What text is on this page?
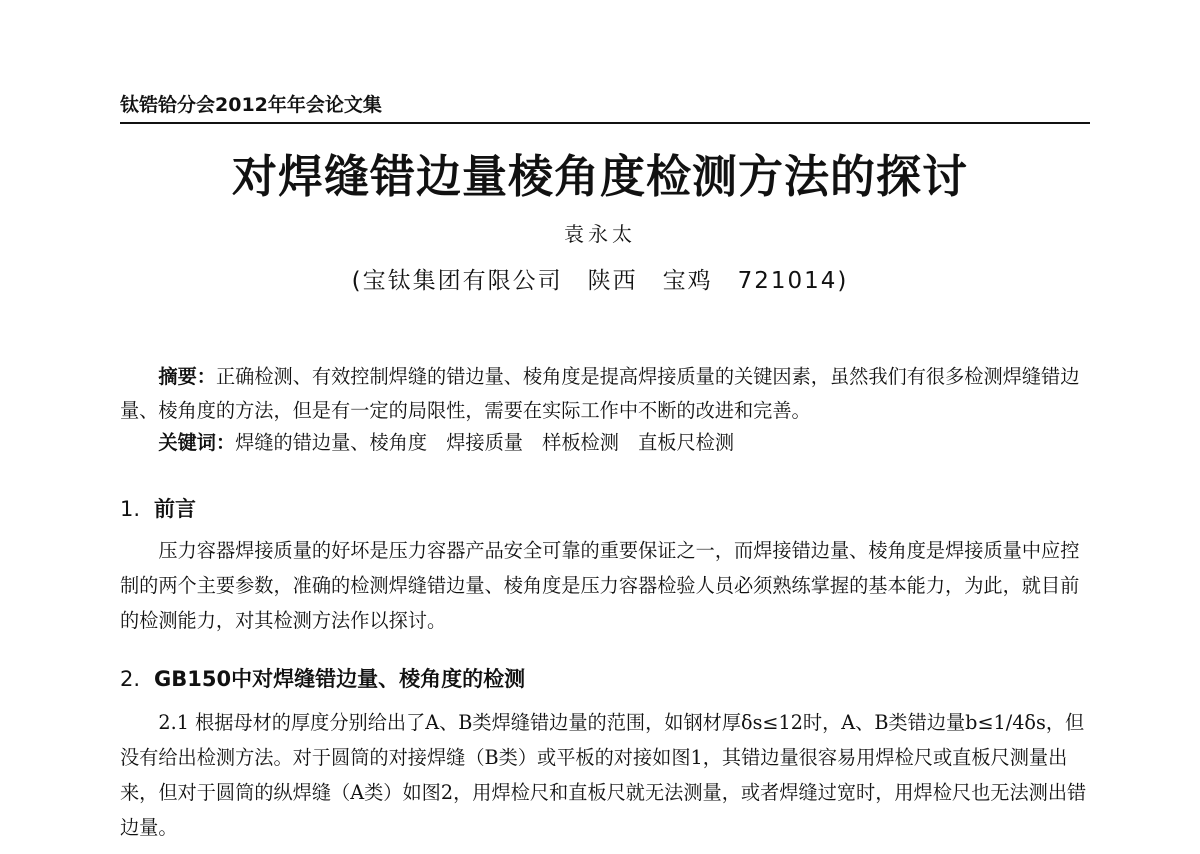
钛锆铪分会2012年年会论文集
对焊缝错边量棱角度检测方法的探讨
袁永太
(宝钛集团有限公司　陕西　宝鸡　721014)
摘要：正确检测、有效控制焊缝的错边量、棱角度是提高焊接质量的关键因素，虽然我们有很多检测焊缝错边量、棱角度的方法，但是有一定的局限性，需要在实际工作中不断的改进和完善。
关键词：焊缝的错边量、棱角度　焊接质量　样板检测　直板尺检测
1. 前言
压力容器焊接质量的好坏是压力容器产品安全可靠的重要保证之一，而焊接错边量、棱角度是焊接质量中应控制的两个主要参数，准确的检测焊缝错边量、棱角度是压力容器检验人员必须熟练掌握的基本能力，为此，就目前的检测能力，对其检测方法作以探讨。
2. GB150中对焊缝错边量、棱角度的检测
2.1 根据母材的厚度分别给出了A、B类焊缝错边量的范围，如钢材厚δs≤12时，A、B类错边量b≤1/4δs，但没有给出检测方法。对于圆筒的对接焊缝（B类）或平板的对接如图1，其错边量很容易用焊检尺或直板尺测量出来，但对于圆筒的纵焊缝（A类）如图2，用焊检尺和直板尺就无法测量，或者焊缝过宽时，用焊检尺也无法测出错边量。
